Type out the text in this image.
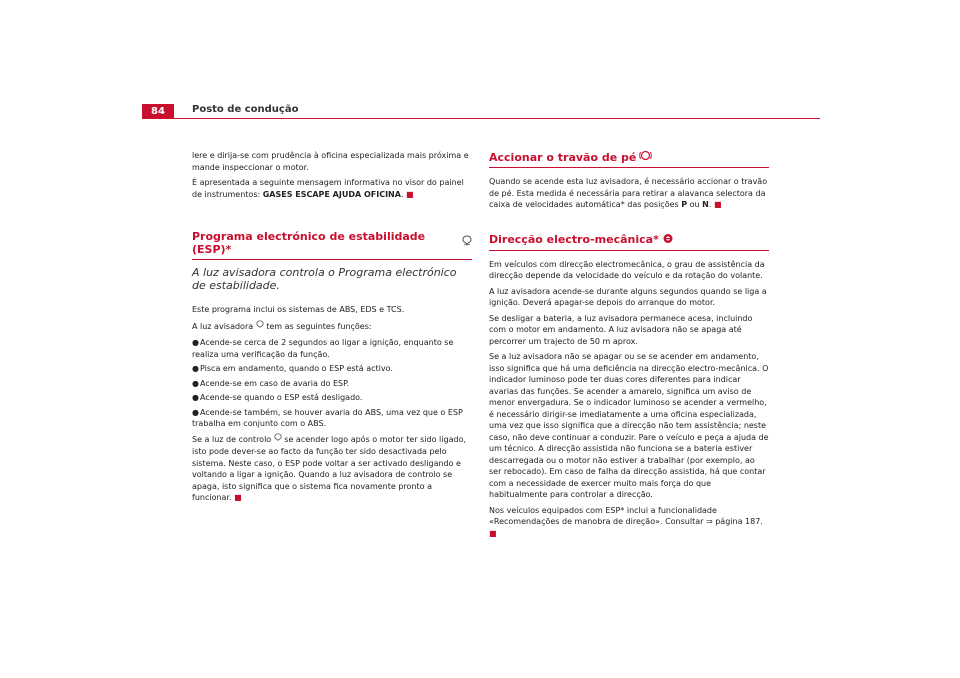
84	Posto de condução

lere e dirija-se com prudência à oficina especializada mais próxima e mande inspeccionar o motor.

É apresentada a seguinte mensagem informativa no visor do painel de instrumentos: GASES ESCAPE AJUDA OFICINA. ■

Programa electrónico de estabilidade (ESP)*
A luz avisadora controla o Programa electrónico de estabilidade.

Este programa inclui os sistemas de ABS, EDS e TCS.

A luz avisadora tem as seguintes funções:

●Acende-se cerca de 2 segundos ao ligar a ignição, enquanto se realiza uma verificação da função.
●Pisca em andamento, quando o ESP está activo.
●Acende-se em caso de avaria do ESP.
●Acende-se quando o ESP está desligado.
●Acende-se também, se houver avaria do ABS, uma vez que o ESP trabalha em conjunto com o ABS.

Se a luz de controlo se acender logo após o motor ter sido ligado, isto pode dever-se ao facto da função ter sido desactivada pelo sistema. Neste caso, o ESP pode voltar a ser activado desligando e voltando a ligar a ignição. Quando a luz avisadora de controlo se apaga, isto significa que o sistema fica novamente pronto a funcionar. ■

Accionar o travão de pé

Quando se acende esta luz avisadora, é necessário accionar o travão de pé. Esta medida é necessária para retirar a alavanca selectora da caixa de velocidades automática* das posições P ou N. ■

Direcção electro-mecânica*

Em veículos com direcção electromecânica, o grau de assistência da direcção depende da velocidade do veículo e da rotação do volante.

A luz avisadora acende-se durante alguns segundos quando se liga a ignição. Deverá apagar-se depois do arranque do motor.

Se desligar a bateria, a luz avisadora permanece acesa, incluindo com o motor em andamento. A luz avisadora não se apaga até percorrer um trajecto de 50 m aprox.

Se a luz avisadora não se apagar ou se se acender em andamento, isso significa que há uma deficiência na direcção electro-mecânica. O indicador luminoso pode ter duas cores diferentes para indicar avarias das funções. Se acender a amarelo, significa um aviso de menor envergadura. Se o indicador luminoso se acender a vermelho, é necessário dirigir-se imediatamente a uma oficina especializada, uma vez que isso significa que a direcção não tem assistência; neste caso, não deve continuar a conduzir. Pare o veículo e peça a ajuda de um técnico. A direcção assistida não funciona se a bateria estiver descarregada ou o motor não estiver a trabalhar (por exemplo, ao ser rebocado). Em caso de falha da direcção assistida, há que contar com a necessidade de exercer muito mais força do que habitualmente para controlar a direcção.

Nos veículos equipados com ESP* inclui a funcionalidade «Recomendações de manobra de direção». Consultar ⇒ página 187. ■
